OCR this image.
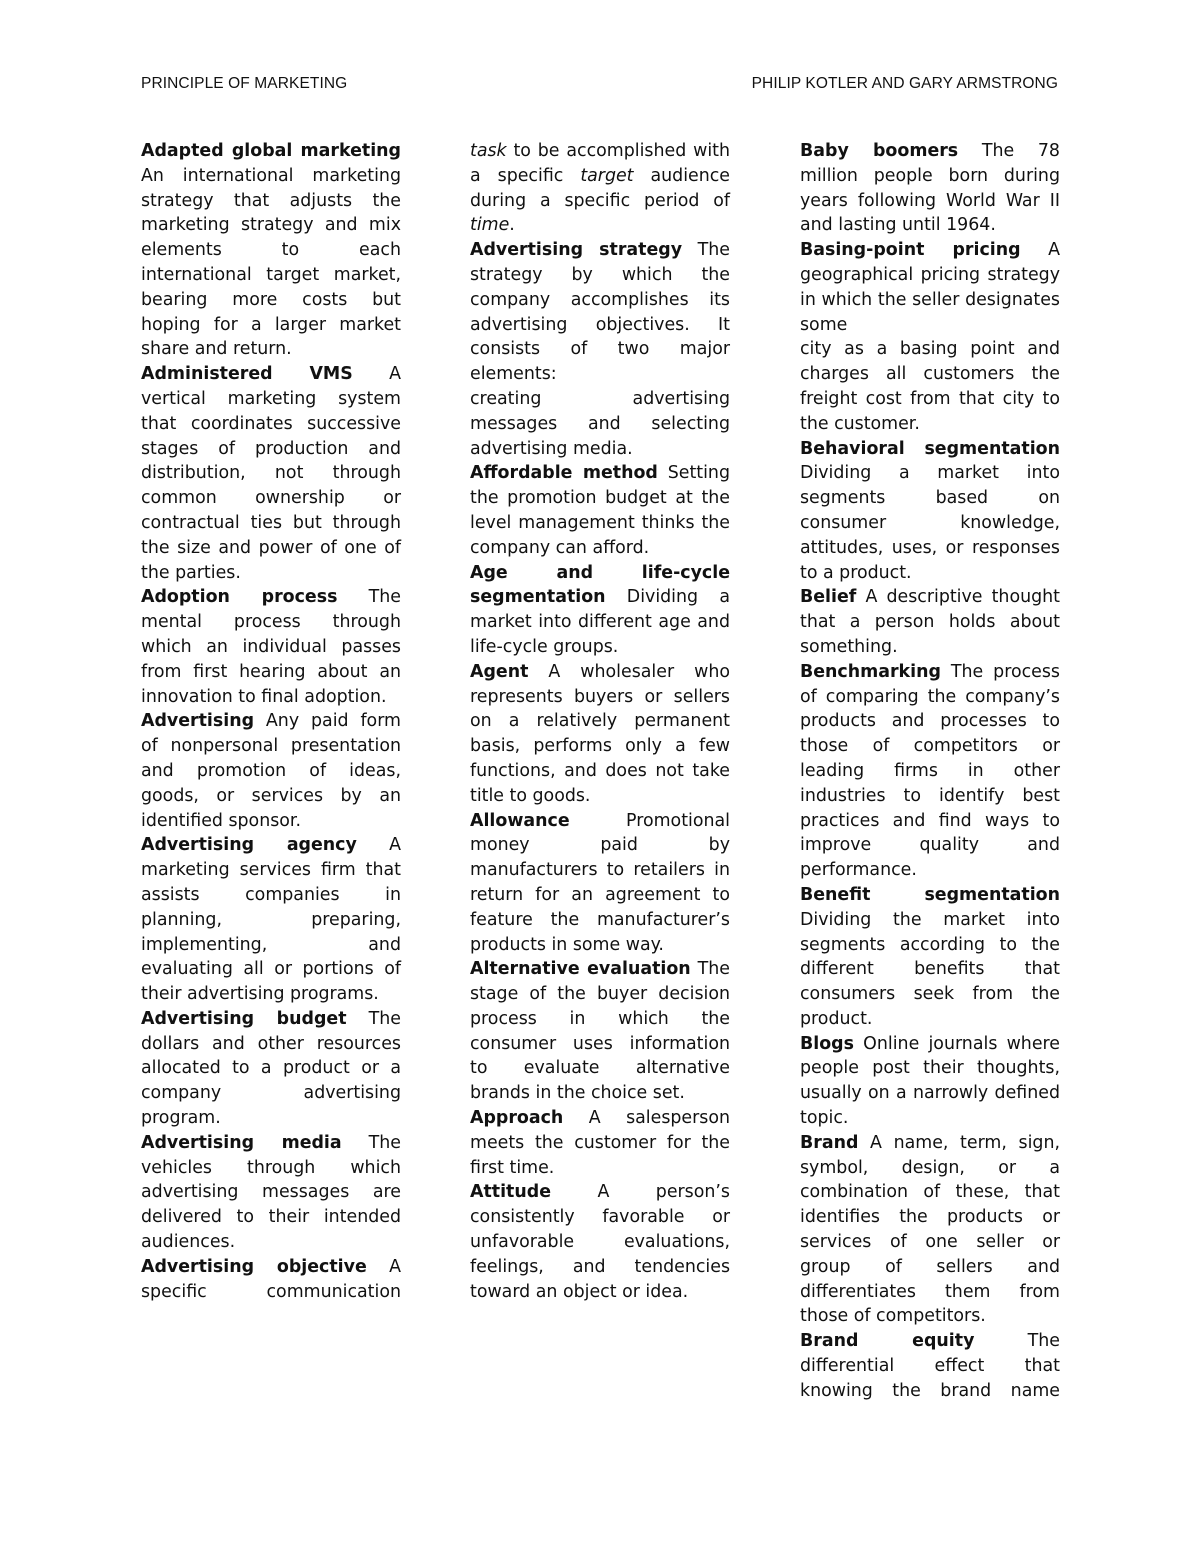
PRINCIPLE OF MARKETING	PHILIP KOTLER AND GARY ARMSTRONG

Adapted global marketing An international marketing strategy that adjusts the marketing strategy and mix elements to each international target market, bearing more costs but hoping for a larger market share and return.

Administered VMS A vertical marketing system that coordinates successive stages of production and distribution, not through common ownership or contractual ties but through the size and power of one of the parties.

Adoption process The mental process through which an individual passes from first hearing about an innovation to final adoption.

Advertising Any paid form of nonpersonal presentation and promotion of ideas, goods, or services by an identified sponsor.

Advertising agency A marketing services firm that assists companies in planning, preparing, implementing, and evaluating all or portions of their advertising programs.

Advertising budget The dollars and other resources allocated to a product or a company advertising program.

Advertising media The vehicles through which advertising messages are delivered to their intended audiences.

Advertising objective A specific communication

task to be accomplished with a specific target audience during a specific period of time.

Advertising strategy The strategy by which the company accomplishes its advertising objectives. It consists of two major elements:

creating advertising messages and selecting advertising media.

Affordable method Setting the promotion budget at the level management thinks the company can afford.

Age and life-cycle segmentation Dividing a market into different age and life-cycle groups.

Agent A wholesaler who represents buyers or sellers on a relatively permanent basis, performs only a few functions, and does not take title to goods.

Allowance Promotional money paid by manufacturers to retailers in return for an agreement to feature the manufacturer’s products in some way.

Alternative evaluation The stage of the buyer decision process in which the consumer uses information to evaluate alternative brands in the choice set.

Approach A salesperson meets the customer for the first time.

Attitude A person’s consistently favorable or unfavorable evaluations, feelings, and tendencies toward an object or idea.

Baby boomers The 78 million people born during years following World War II and lasting until 1964.

Basing-point pricing A geographical pricing strategy in which the seller designates some

city as a basing point and charges all customers the freight cost from that city to the customer.

Behavioral segmentation Dividing a market into segments based on consumer knowledge, attitudes, uses, or responses to a product.

Belief A descriptive thought that a person holds about something.

Benchmarking The process of comparing the company’s products and processes to those of competitors or leading firms in other industries to identify best practices and find ways to improve quality and performance.

Benefit segmentation Dividing the market into segments according to the different benefits that consumers seek from the product.

Blogs Online journals where people post their thoughts, usually on a narrowly defined topic.

Brand A name, term, sign, symbol, design, or a combination of these, that identifies the products or services of one seller or group of sellers and differentiates them from those of competitors.

Brand equity The differential effect that knowing the brand name
